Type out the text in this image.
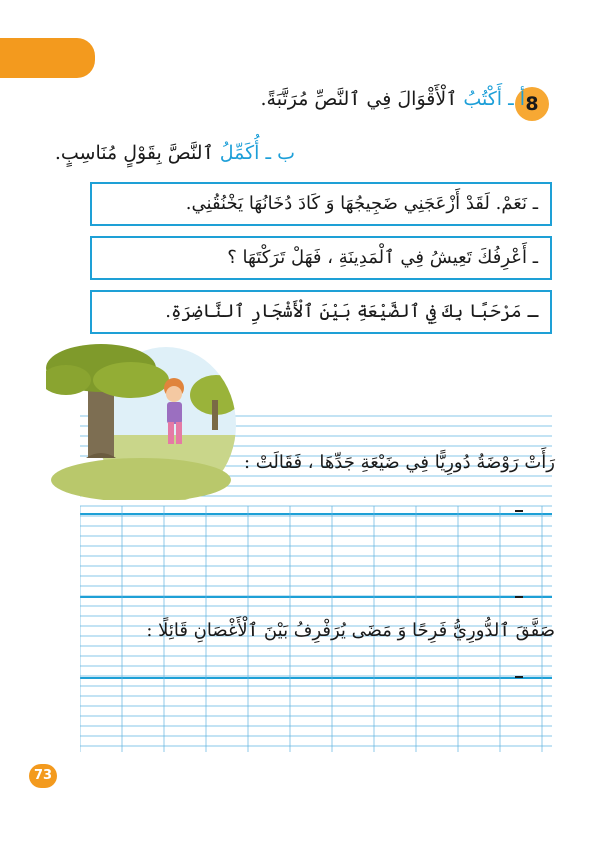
8
أ ـ أَكْتُبُ ٱلْأَقْوَالَ فِي ٱلنَّصِّ مُرَتَّبَةً.
ب ـ أُكَمِّلُ ٱلنَّصَّ بِقَوْلٍ مُنَاسِبٍ.
ـ نَعَمْ. لَقَدْ أَزْعَجَنِي ضَجِيجُهَا وَ كَادَ دُخَانُهَا يَخْنُقُنِي.
ـ أَعْرِفُكَ تَعِيشُ فِي ٱلْمَدِينَةِ ، فَهَلْ تَرَكْتَهَا ؟
ـ مَرْحَبًا بِكَ فِي ٱلضَّيْعَةِ بَيْنَ ٱلْأَشْجَارِ ٱلنَّاضِرَةِ.
رَأَتْ رَوْضَةُ دُورِيًّا فِي ضَيْعَةِ جَدِّهَا ، فَقَالَتْ :
صَفَّقَ ٱلدُّورِيُّ فَرِحًا وَ مَضَى يُرَفْرِفُ بَيْنَ ٱلْأَغْصَانِ قَائِلًا :
73
